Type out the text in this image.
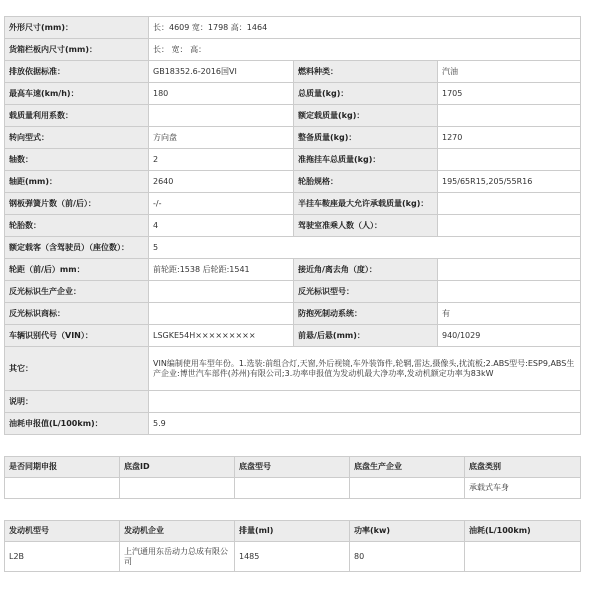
外形尺寸(mm)：	长：4609 宽：1798 高：1464		
货箱栏板内尺寸(mm)：	长： 宽： 高：		
排放依据标准：	GB18352.6-2016国VI	燃料种类：	汽油
最高车速(km/h)：	180	总质量(kg)：	1705
载质量利用系数：		额定载质量(kg)：	
转向型式：	方向盘	整备质量(kg)：	1270
轴数：	2	准拖挂车总质量(kg)：	
轴距(mm)：	2640	轮胎规格：	195/65R15,205/55R16
钢板弹簧片数（前/后）：	-/-	半挂车鞍座最大允许承载质量(kg)：	
轮胎数：	4	驾驶室准乘人数（人）：	
额定载客（含驾驶员）（座位数）：	5		
轮距（前/后）mm：	前轮距:1538 后轮距:1541	接近角/离去角（度）：	
反光标识生产企业：		反光标识型号：	
反光标识商标：		防抱死制动系统：	有
车辆识别代号（VIN）：	LSGKE54H×××××××××	前悬/后悬(mm)：	940/1029
其它：	VIN编制使用车型年份。1.选装:前组合灯,天窗,外后视镜,车外装饰件,轮辋,雷达,摄像头,扰流板;2.ABS型号:ESP9,ABS生产企业:博世汽车部件(苏州)有限公司;3.功率申报值为发动机最大净功率,发动机额定功率为83kW		
说明：			
油耗申报值(L/100km)：	5.9		
是否同期申报	底盘ID	底盘型号	底盘生产企业	底盘类别
				承载式车身
发动机型号	发动机企业	排量(ml)	功率(kw)	油耗(L/100km)
L2B	上汽通用东岳动力总成有限公司	1485	80	
